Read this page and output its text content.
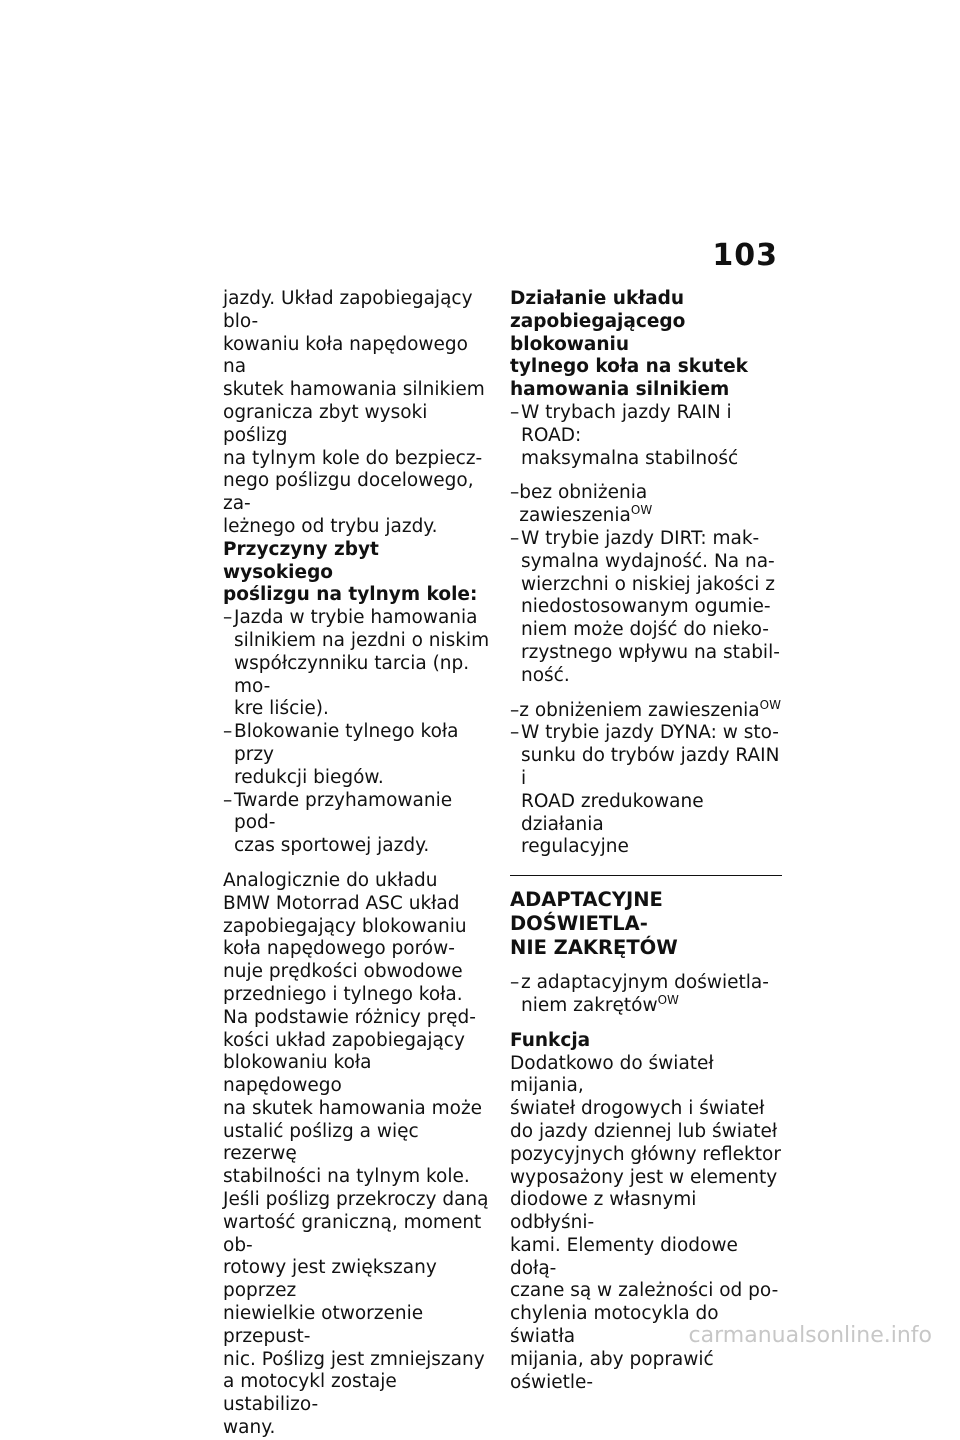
103

jazdy. Układ zapobiegający blo-
kowaniu koła napędowego na
skutek hamowania silnikiem
ogranicza zbyt wysoki poślizg
na tylnym kole do bezpiecz-
nego poślizgu docelowego, za-
leżnego od trybu jazdy.

Przyczyny zbyt wysokiego
poślizgu na tylnym kole:

– Jazda w trybie hamowania
silnikiem na jezdni o niskim
współczynniku tarcia (np. mo-
kre liście).
– Blokowanie tylnego koła przy
redukcji biegów.
– Twarde przyhamowanie pod-
czas sportowej jazdy.

Analogicznie do układu
BMW Motorrad ASC układ
zapobiegający blokowaniu
koła napędowego porów-
nuje prędkości obwodowe
przedniego i tylnego koła.
Na podstawie różnicy pręd-
kości układ zapobiegający
blokowaniu koła napędowego
na skutek hamowania może
ustalić poślizg a więc rezerwę
stabilności na tylnym kole.
Jeśli poślizg przekroczy daną
wartość graniczną, moment ob-
rotowy jest zwiększany poprzez
niewielkie otworzenie przepust-
nic. Poślizg jest zmniejszany
a motocykl zostaje ustabilizo-
wany.

Działanie układu
zapobiegającego blokowaniu
tylnego koła na skutek
hamowania silnikiem

– W trybach jazdy RAIN i ROAD:
maksymalna stabilność
– bez obniżenia zawieszenia$^{OW}$
– W trybie jazdy DIRT: mak-
symalna wydajność. Na na-
wierzchni o niskiej jakości z
niedostosowanym ogumie-
niem może dojść do nieko-
rzystnego wpływu na stabil-
ność.
– z obniżeniem zawieszenia$^{OW}$
– W trybie jazdy DYNA: w sto-
sunku do trybów jazdy RAIN i
ROAD zredukowane działania
regulacyjne

ADAPTACYJNE DOŚWIETLA-
NIE ZAKRĘTÓW

– z adaptacyjnym doświetla-
niem zakrętów$^{OW}$

Funkcja

Dodatkowo do świateł mijania,
świateł drogowych i świateł
do jazdy dziennej lub świateł
pozycyjnych główny reflektor
wyposażony jest w elementy
diodowe z własnymi odbłyśni-
kami. Elementy diodowe dołą-
czane są w zależności od po-
chylenia motocykla do światła
mijania, aby poprawić oświetle-

carmanualsonline.info
